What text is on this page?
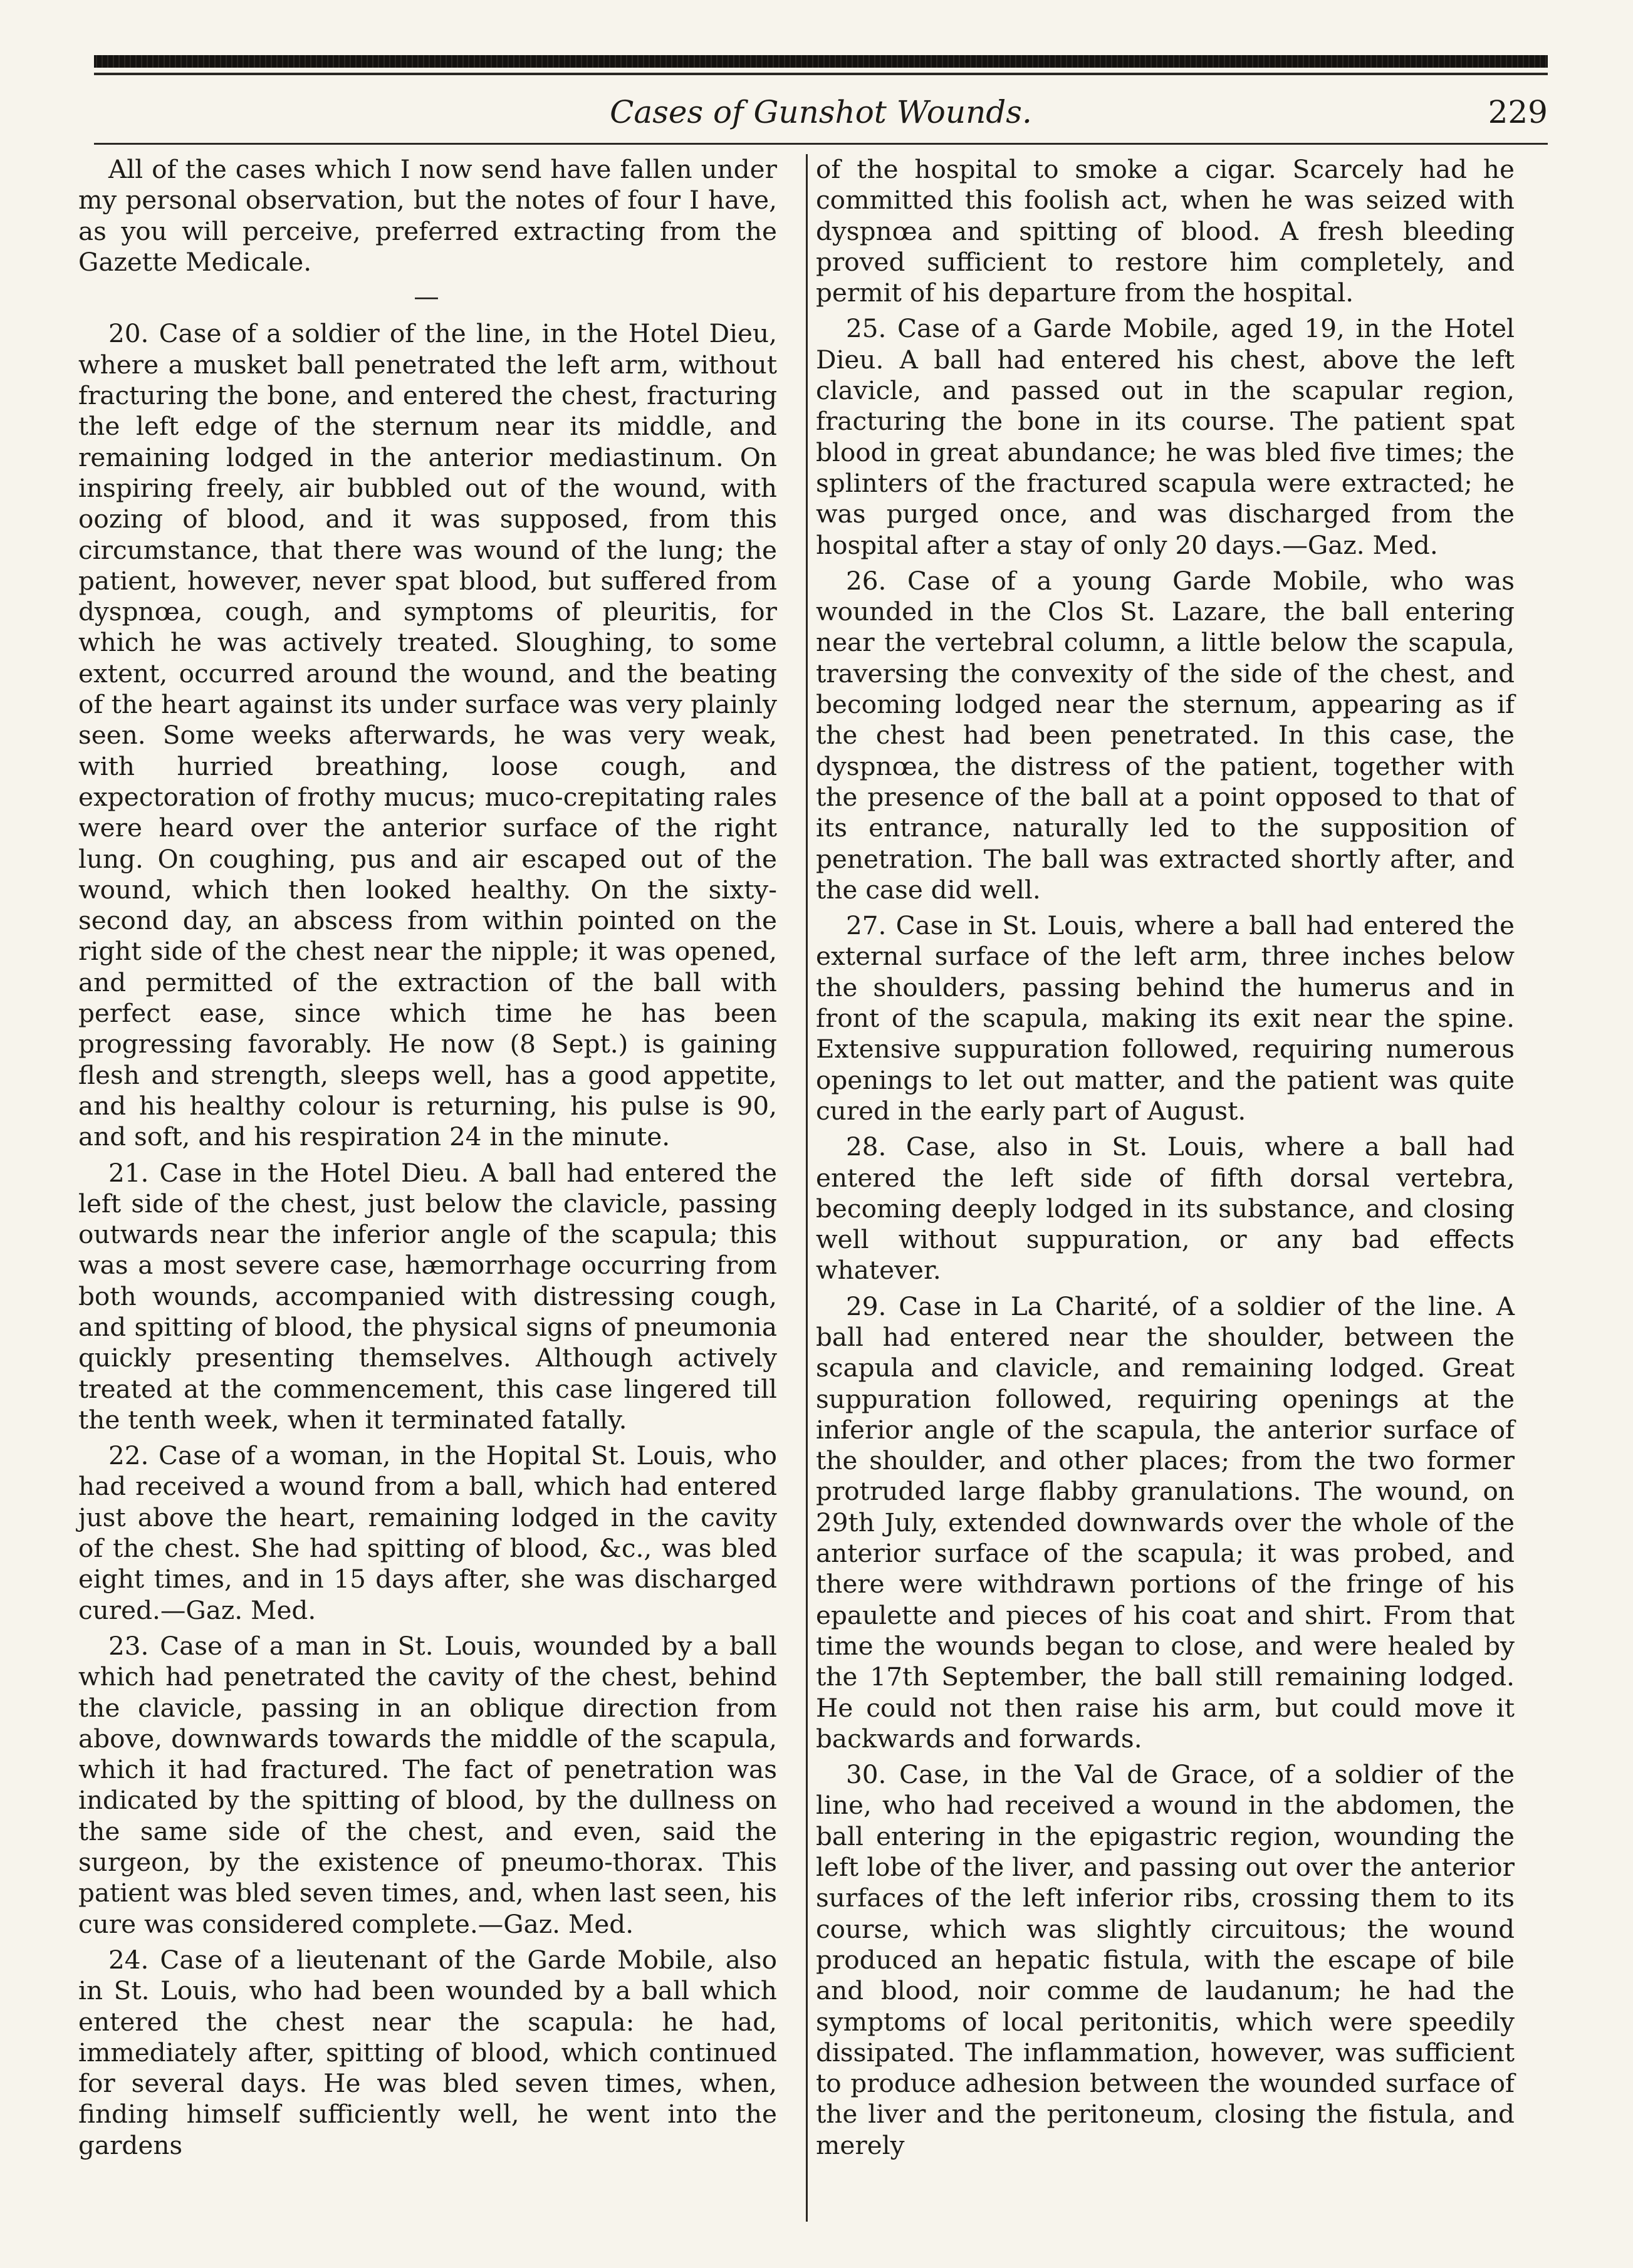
Cases of Gunshot Wounds.	229

All of the cases which I now send have fallen under my personal observation, but the notes of four I have, as you will perceive, preferred extracting from the Gazette Medicale.

—

20. Case of a soldier of the line, in the Hotel Dieu, where a musket ball penetrated the left arm, without fracturing the bone, and entered the chest, fracturing the left edge of the sternum near its middle, and remaining lodged in the anterior mediastinum. On inspiring freely, air bubbled out of the wound, with oozing of blood, and it was supposed, from this circumstance, that there was wound of the lung; the patient, however, never spat blood, but suffered from dyspnœa, cough, and symptoms of pleuritis, for which he was actively treated. Sloughing, to some extent, occurred around the wound, and the beating of the heart against its under surface was very plainly seen. Some weeks afterwards, he was very weak, with hurried breathing, loose cough, and expectoration of frothy mucus; muco-crepitating rales were heard over the anterior surface of the right lung. On coughing, pus and air escaped out of the wound, which then looked healthy. On the sixty-second day, an abscess from within pointed on the right side of the chest near the nipple; it was opened, and permitted of the extraction of the ball with perfect ease, since which time he has been progressing favorably. He now (8 Sept.) is gaining flesh and strength, sleeps well, has a good appetite, and his healthy colour is returning, his pulse is 90, and soft, and his respiration 24 in the minute.

21. Case in the Hotel Dieu. A ball had entered the left side of the chest, just below the clavicle, passing outwards near the inferior angle of the scapula; this was a most severe case, hæmorrhage occurring from both wounds, accompanied with distressing cough, and spitting of blood, the physical signs of pneumonia quickly presenting themselves. Although actively treated at the commencement, this case lingered till the tenth week, when it terminated fatally.

22. Case of a woman, in the Hopital St. Louis, who had received a wound from a ball, which had entered just above the heart, remaining lodged in the cavity of the chest. She had spitting of blood, &c., was bled eight times, and in 15 days after, she was discharged cured.—Gaz. Med.

23. Case of a man in St. Louis, wounded by a ball which had penetrated the cavity of the chest, behind the clavicle, passing in an oblique direction from above, downwards towards the middle of the scapula, which it had fractured. The fact of penetration was indicated by the spitting of blood, by the dullness on the same side of the chest, and even, said the surgeon, by the existence of pneumo-thorax. This patient was bled seven times, and, when last seen, his cure was considered complete.—Gaz. Med.

24. Case of a lieutenant of the Garde Mobile, also in St. Louis, who had been wounded by a ball which entered the chest near the scapula: he had, immediately after, spitting of blood, which continued for several days. He was bled seven times, when, finding himself sufficiently well, he went into the gardens

of the hospital to smoke a cigar. Scarcely had he committed this foolish act, when he was seized with dyspnœa and spitting of blood. A fresh bleeding proved sufficient to restore him completely, and permit of his departure from the hospital.

25. Case of a Garde Mobile, aged 19, in the Hotel Dieu. A ball had entered his chest, above the left clavicle, and passed out in the scapular region, fracturing the bone in its course. The patient spat blood in great abundance; he was bled five times; the splinters of the fractured scapula were extracted; he was purged once, and was discharged from the hospital after a stay of only 20 days.—Gaz. Med.

26. Case of a young Garde Mobile, who was wounded in the Clos St. Lazare, the ball entering near the vertebral column, a little below the scapula, traversing the convexity of the side of the chest, and becoming lodged near the sternum, appearing as if the chest had been penetrated. In this case, the dyspnœa, the distress of the patient, together with the presence of the ball at a point opposed to that of its entrance, naturally led to the supposition of penetration. The ball was extracted shortly after, and the case did well.

27. Case in St. Louis, where a ball had entered the external surface of the left arm, three inches below the shoulders, passing behind the humerus and in front of the scapula, making its exit near the spine. Extensive suppuration followed, requiring numerous openings to let out matter, and the patient was quite cured in the early part of August.

28. Case, also in St. Louis, where a ball had entered the left side of fifth dorsal vertebra, becoming deeply lodged in its substance, and closing well without suppuration, or any bad effects whatever.

29. Case in La Charité, of a soldier of the line. A ball had entered near the shoulder, between the scapula and clavicle, and remaining lodged. Great suppuration followed, requiring openings at the inferior angle of the scapula, the anterior surface of the shoulder, and other places; from the two former protruded large flabby granulations. The wound, on 29th July, extended downwards over the whole of the anterior surface of the scapula; it was probed, and there were withdrawn portions of the fringe of his epaulette and pieces of his coat and shirt. From that time the wounds began to close, and were healed by the 17th September, the ball still remaining lodged. He could not then raise his arm, but could move it backwards and forwards.

30. Case, in the Val de Grace, of a soldier of the line, who had received a wound in the abdomen, the ball entering in the epigastric region, wounding the left lobe of the liver, and passing out over the anterior surfaces of the left inferior ribs, crossing them to its course, which was slightly circuitous; the wound produced an hepatic fistula, with the escape of bile and blood, noir comme de laudanum; he had the symptoms of local peritonitis, which were speedily dissipated. The inflammation, however, was sufficient to produce adhesion between the wounded surface of the liver and the peritoneum, closing the fistula, and merely
